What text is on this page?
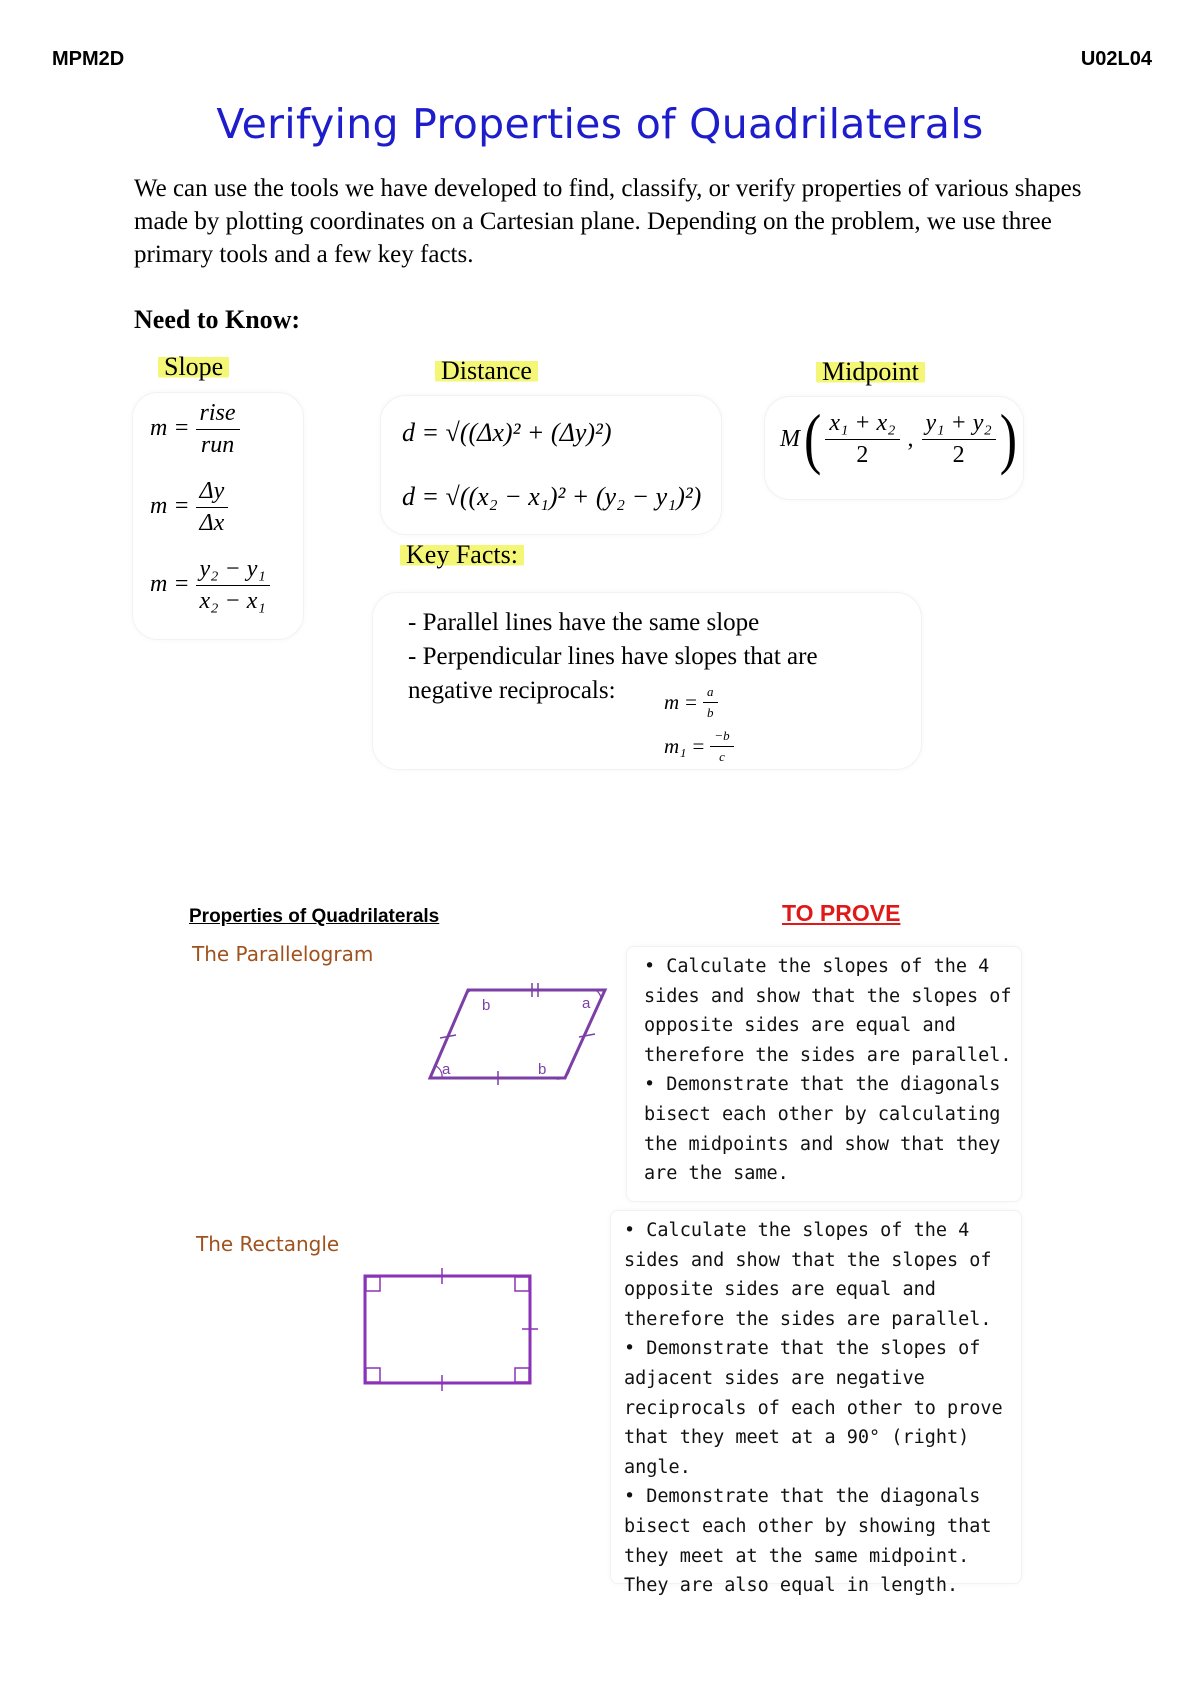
MPM2D	U02L04
Verifying Properties of Quadrilaterals
We can use the tools we have developed to find, classify, or verify properties of various shapes made by plotting coordinates on a Cartesian plane. Depending on the problem, we use three primary tools and a few key facts.
Need to Know:
Slope
$m = \frac{\text{rise}}{\text{run}}$
$m = \frac{\Delta y}{\Delta x}$
$m = \frac{\text{y₂ − y₁}}{\text{x₂ − x₁}}$
Distance
d = √((Δx)² + (Δy)²)
d = √((x₂ − x₁)² + (y₂ − y₁)²)
Midpoint
M ( $\frac{\text{x₁ + x₂}}{2}$ , $\frac{\text{y₁ + y₂}}{2}$ )
Key Facts:
- Parallel lines have the same slope
- Perpendicular lines have slopes that are
negative reciprocals:	$m = \frac{a}{b}$
$m_1 = \frac{-b}{c}$
Properties of Quadrilaterals	TO PROVE
The Parallelogram
b	a
a	b

• Calculate the slopes of the 4 sides and show that the slopes of opposite sides are equal and therefore the sides are parallel.

• Demonstrate that the diagonals bisect each other by calculating the midpoints and show that they are the same.

The Rectangle

• Calculate the slopes of the 4 sides and show that the slopes of opposite sides are equal and therefore the sides are parallel.

• Demonstrate that the slopes of adjacent sides are negative reciprocals of each other to prove that they meet at a 90° (right) angle.

• Demonstrate that the diagonals bisect each other by showing that they meet at the same midpoint. They are also equal in length.
